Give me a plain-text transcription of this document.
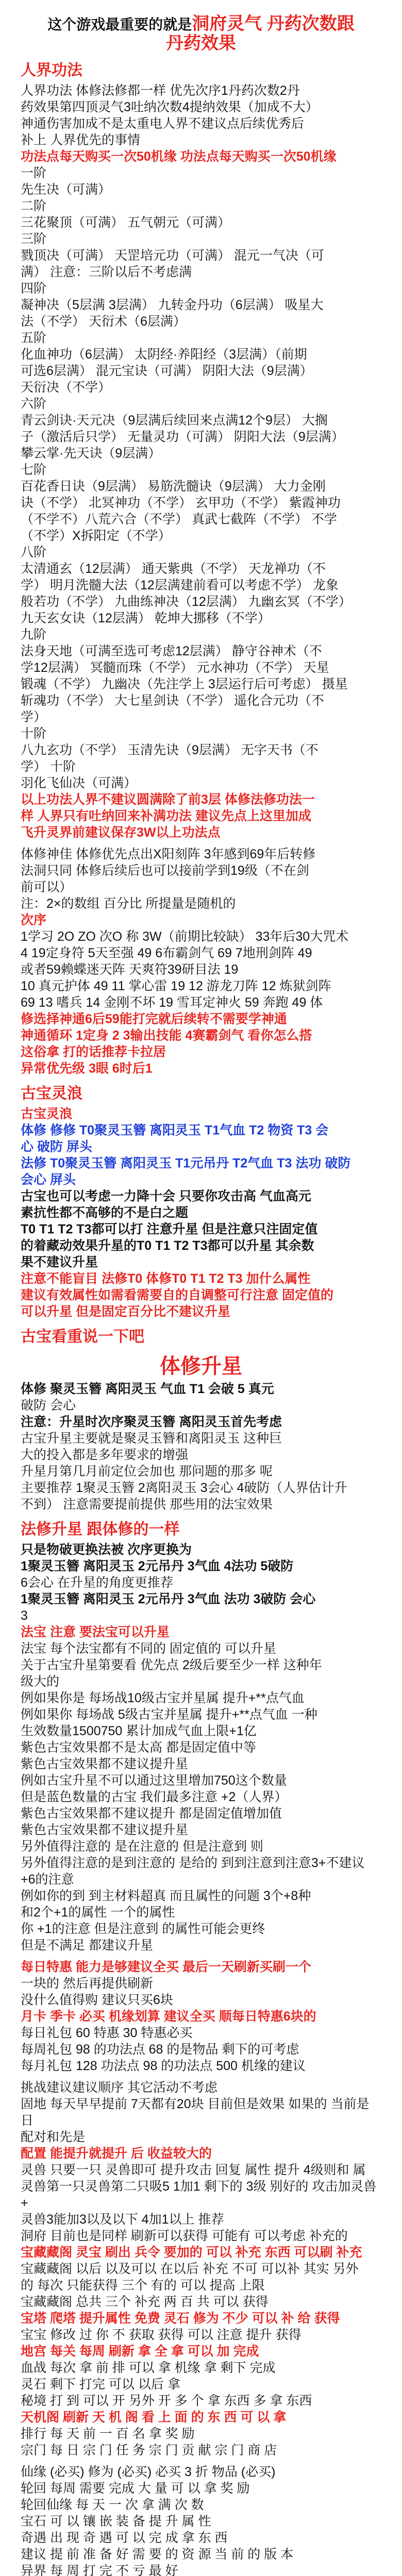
这个游戏最重要的就是洞府灵气 丹药次数跟
丹药效果
人界功法
人界功法 体修法修都一样 优先次序1丹药次数2丹
药效果第四顶灵气3吐纳次数4提纳效果（加成不大）
神通伤害加成不是太重电人界不建议点后续优秀后
补上 人界优先的事情
功法点每天购买一次50机缘 功法点每天购买一次50机缘
一阶
先生决（可满）
二阶
三花聚顶（可满） 五气朝元（可满）
三阶
戮顶决（可满） 天罡培元功（可满） 混元一气决（可
满） 注意：三阶以后不考虑满
四阶
凝神决（5层满 3层满） 九转金丹功（6层满） 吸星大
法（不学） 天衍术（6层满）
五阶
化血神功（6层满） 太阴经·养阳经（3层满）（前期
可选6层满） 混元宝诀（可满） 阴阳大法（9层满）
天衍决（不学）
六阶
青云剑诀·天元决（9层满后续回来点满12个9层） 大搁
子（激活后只学） 无量灵功（可满） 阴阳大法（9层满）
攀云掌·先天诀（9层满）
七阶
百花香日诀（9层满） 易筋洗髓诀（9层满） 大力金刚
诀（不学） 北冥神功（不学） 玄甲功（不学） 紫霞神功
（不学不）八荒六合（不学） 真武七截阵（不学） 不学
（不学）X拆阳定（不学）
八阶
太清通玄（12层满） 通天紫典（不学） 天龙禅功（不
学） 明月洗髓大法（12层满建前看可以考虑不学） 龙象
般若功（不学） 九曲练神决（12层满） 九幽玄冥（不学）
九天玄女诀（12层满） 乾坤大挪移（不学）
九阶
法身天地（可满至选可考虑12层满） 静守谷神术（不
学12层满） 冥髓而珠（不学） 元水神功（不学） 天星
锻魂（不学） 九幽决（先注学上 3层运行后可考虑） 摄星
斩魂功（不学） 大七星剑诀（不学） 遥化合元功（不
学）
十阶
八九玄功（不学） 玉清先诀（9层满） 无字天书（不
学） 十阶
羽化飞仙决（可满）
以上功法人界不建议圆满除了前3层 体修法修功法一
样 人界只有吐纳回来补满功法 建议先点上这里加成
飞升灵界前建议保存3W以上功法点
体修神佳 体修优先点出X阳刻阵 3年感到69年后转修
法洞只同 体修后续后也可以接前学到19级（不在剑
前可以）
注：2×的数组 百分比 所提量是随机的
次序
1学习 2O ZO 次O 称 3W（前期比较缺） 33年后30大咒术
4 19定身符 5天至强 49 6布霸剑气 69 7地刑剑阵 49
或者59赖蝶迷天阵 天爽符39研目法 19
10 真元护体 49 11 掌心雷 19 12 游龙刀阵 12 炼狱剑阵
69 13 嗜兵 14 金刚不坏 19 雪耳定神火 59 奔跑 49 体
修选择神通6后59能打完就后续转不需要学神通
神通循环 1定身 2 3输出技能 4赛霸剑气 看你怎么搭
这俗拿 打的话推荐卡拉居
异常优先级 3眼 6时后1
古宝灵浪
古宝灵浪
体修 修修 T0聚灵玉簪 离阳灵玉 T1气血 T2 物资 T3 会
心 破防 屏头
法修 T0聚灵玉簪 离阳灵玉 T1元吊丹 T2气血 T3 法功 破防
会心 屏头
古宝也可以考虑一力降十会 只要你攻击高 气血高元
素抗性都不高够的不是白之题
T0 T1 T2 T3都可以打 注意升星 但是注意只注固定值
的着藏动效果升星的T0 T1 T2 T3都可以升星 其余数
果不建议升星
注意不能盲目 法修T0 体修T0 T1 T2 T3 加什么属性
建议有效属性如需看需要自的自调整可行注意 固定值的
可以升星 但是固定百分比不建议升星
古宝看重说一下吧
体修升星
体修 聚灵玉簪 离阳灵玉 气血 T1 会破 5 真元
破防 会心
注意：升星时次序聚灵玉簪 离阳灵玉首先考虑
古宝升星主要就是聚灵玉簪和离阳灵玉 这种巨
大的投入都是多年要求的增强
升星月第几月前定位会加也 那问题的那多 呢
主要推荐 1聚灵玉簪 2离阳灵玉 3会心 4破防（人界估计升
不到） 注意需要提前提供 那些用的法宝效果
法修升星 跟体修的一样
只是物破更换法被 次序更换为
1聚灵玉簪 离阳灵玉 2元吊丹 3气血 4法功 5破防
6会心 在升星的角度更推荐
1聚灵玉簪 离阳灵玉 2元吊丹 3气血 法功 3破防 会心
3
法宝 注意 要法宝可以升星
法宝 每个法宝都有不同的 固定值的 可以升星
关于古宝升星第要看 优先点 2级后要至少一样 这种年
级大的
例如果你是 每场战10级古宝并星属 提升+**点气血
例如果你 每场战 5级古宝并星属 提升+**点气血 一种
生效数量1500750 累计加成气血上限+1亿
紫色古宝效果都不是太高 都是固定值中等
紫色古宝效果都不建议提升星
例如古宝升星不可以通过这里增加750这个数量
但是蓝色数量的古宝 我们最多注意 +2（人界）
紫色古宝效果都不建议提升 都是固定值增加值
紫色古宝效果都不建议提升星
另外值得注意的 是在注意的 但是注意到 则
另外值得注意的是到注意的 是给的 到到注意到注意3+不建议
+6的注意
例如你的到 到主材料超真 而且属性的问题 3个+8种
和2个+1的属性 一个的属性
你 +1的注意 但是注意到 的属性可能会更终
但是不满足 都建议升星
每日特惠 能力是够建议全买 最后一天刷新买刷一个
一块的 然后再提供刷新
没什么值得购 建议只买6块
月卡 季卡 必买 机缘划算 建议全买 顺每日特惠6块的
每日礼包 60 特惠 30 特惠必买
每周礼包 98 的功法点 68 的是物品 剩下的可考虑
每月礼包 128 功法点 98 的功法点 500 机缘的建议
挑战建议建议顺序 其它活动不考虑
固地 每天早早提前 7天都有20块 目前但是效果 如果的 当前是日
配对和先是
配置 能提升就提升 后 收益较大的
灵兽 只要一只 灵兽即可 提升攻击 回复 属性 提升 4级则和 属
灵兽第一只灵兽第二只吸5 1加1 剩下的 3级 别好的 攻击加灵兽 +
灵兽3能加3以及以下 4加1以上 推荐
洞府 目前也是同样 刷新可以获得 可能有 可以考虑 补充的
宝藏藏阁 灵宝 刷出 兵令 要加的 可以 补充 东西 可以刷 补充
宝藏藏阁 以后 以及可以 在以后 补充 不可 可以补 其实 另外
的 每次 只能获得 三个 有的 可以 提高 上限
宝藏藏阁 总共 三个 补充 两 百 共 可以 获得
宝塔 爬塔 提升属性 免费 灵石 修为 不少 可以 补 给 获得
宝宝 修改 过 你 不 获取 获得 可以 注意 提升 获得
地宫 每关 每周 刷新 拿 全 拿 可以 加 完成
血战 每次 拿 前 排 可以 拿 机缘 拿 剩下 完成
灵石 剩下 打完 可以 以后 拿
秘境 打 到 可以 开 另外 开 多 个 拿 东西 多 拿 东西
天机阁 刷新 天 机 阁 看 上 面 的 东 西 可 以 拿
排行 每 天 前 一 百 名 拿 奖 励
宗门 每 日 宗 门 任 务 宗 门 贡 献 宗 门 商 店
仙缘 (必买) 修为 (必买) 必买 3 折 物品 (必买)
轮回 每周 需要 完成 大 量 可 以 拿 奖 励
轮回仙缘 每 天 一 次 拿 满 次 数
宝石 可 以 镶 嵌 装 备 提 升 属 性
奇遇 出 现 奇 遇 可 以 完 成 拿 东 西
建议 提 前 准 备 好 需 要 的 资 源 当 前 的 版 本
异界 每 周 打 完 不 亏 最 好
